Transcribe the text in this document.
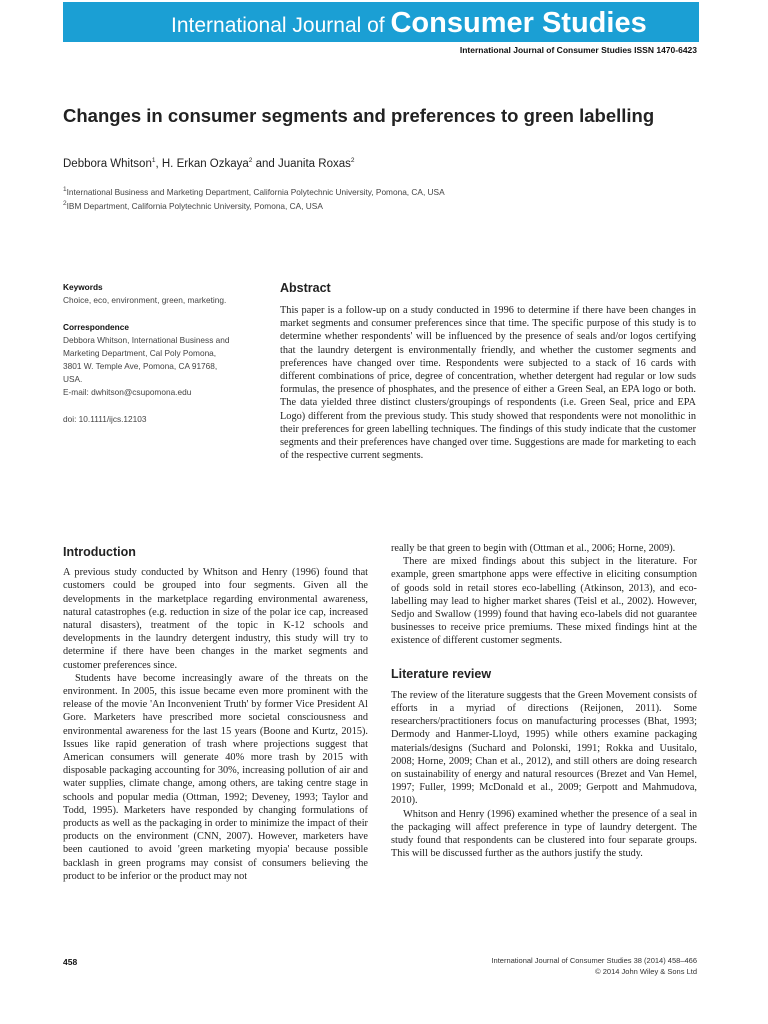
International Journal of Consumer Studies
International Journal of Consumer Studies ISSN 1470-6423
Changes in consumer segments and preferences to green labelling
Debbora Whitson$^1$, H. Erkan Ozkaya$^2$ and Juanita Roxas$^2$
$^1$International Business and Marketing Department, California Polytechnic University, Pomona, CA, USA
$^2$IBM Department, California Polytechnic University, Pomona, CA, USA
Keywords
Choice, eco, environment, green, marketing.
Correspondence
Debbora Whitson, International Business and
Marketing Department, Cal Poly Pomona,
3801 W. Temple Ave, Pomona, CA 91768,
USA.
E-mail: dwhitson@csupomona.edu
doi: 10.1111/ijcs.12103
Abstract
This paper is a follow-up on a study conducted in 1996 to determine if there have been changes in market segments and consumer preferences since that time. The specific purpose of this study is to determine whether respondents' will be influenced by the presence of seals and/or logos certifying that the laundry detergent is environmentally friendly, and whether the customer segments and preferences have changed over time. Respondents were subjected to a stack of 16 cards with different combinations of price, degree of concentration, whether detergent had regular or low suds formulas, the presence of phosphates, and the presence of either a Green Seal, an EPA logo or both. The data yielded three distinct clusters/groupings of respondents (i.e. Green Seal, price and EPA Logo) different from the previous study. This study showed that respondents were not monolithic in their preferences for green labelling techniques. The findings of this study indicate that the customer segments and their preferences have changed over time. Suggestions are made for marketing to each of the respective current segments.
Introduction

A previous study conducted by Whitson and Henry (1996) found that customers could be grouped into four segments. Given all the developments in the marketplace regarding environmental awareness, natural catastrophes (e.g. reduction in size of the polar ice cap, increased natural disasters), treatment of the topic in K-12 schools and developments in the laundry detergent industry, this study will try to determine if there have been changes in the market segments and customer preferences since.

Students have become increasingly aware of the threats on the environment. In 2005, this issue became even more prominent with the release of the movie 'An Inconvenient Truth' by former Vice President Al Gore. Marketers have prescribed more societal consciousness and environmental awareness for the last 15 years (Boone and Kurtz, 2015). Issues like rapid generation of trash where projections suggest that American consumers will generate 40% more trash by 2015 with disposable packaging accounting for 30%, increasing pollution of air and water supplies, climate change, among others, are taking centre stage in schools and popular media (Ottman, 1992; Deveney, 1993; Taylor and Todd, 1995). Marketers have responded by changing formulations of products as well as the packaging in order to minimize the impact of their products on the environment (CNN, 2007). However, marketers have been cautioned to avoid 'green marketing myopia' because possible backlash in green programs may consist of consumers believing the product to be inferior or the product may not

really be that green to begin with (Ottman et al., 2006; Horne, 2009).

There are mixed findings about this subject in the literature. For example, green smartphone apps were effective in eliciting consumption of goods sold in retail stores eco-labelling (Atkinson, 2013), and eco-labelling may lead to higher market shares (Teisl et al., 2002). However, Sedjo and Swallow (1999) found that having eco-labels did not guarantee businesses to receive price premiums. These mixed findings hint at the existence of different customer segments.

Literature review

The review of the literature suggests that the Green Movement consists of efforts in a myriad of directions (Reijonen, 2011). Some researchers/practitioners focus on manufacturing processes (Bhat, 1993; Dermody and Hanmer-Lloyd, 1995) while others examine packaging materials/designs (Suchard and Polonski, 1991; Rokka and Uusitalo, 2008; Horne, 2009; Chan et al., 2012), and still others are doing research on sustainability of energy and natural resources (Brezet and Van Hemel, 1997; Fuller, 1999; McDonald et al., 2009; Gerpott and Mahmudova, 2010).

Whitson and Henry (1996) examined whether the presence of a seal in the packaging will affect preference in type of laundry detergent. The study found that respondents can be clustered into four separate groups. This will be discussed further as the authors justify the study.

458	International Journal of Consumer Studies 38 (2014) 458–466
© 2014 John Wiley & Sons Ltd
